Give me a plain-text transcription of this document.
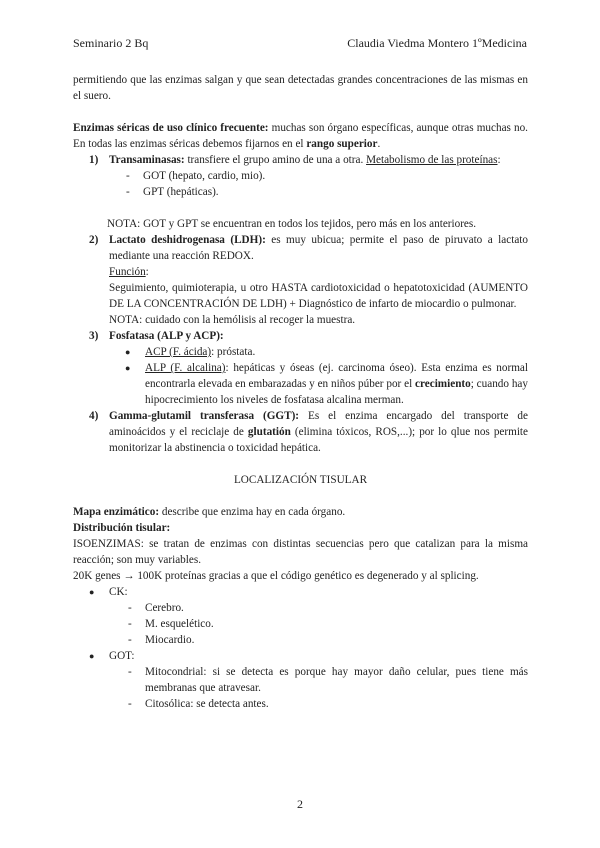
Seminario 2 Bq	Claudia Viedma Montero 1ºMedicina

permitiendo que las enzimas salgan y que sean detectadas grandes concentraciones de las mismas en el suero.

Enzimas séricas de uso clínico frecuente: muchas son órgano específicas, aunque otras muchas no. En todas las enzimas séricas debemos fijarnos en el rango superior.

1) Transaminasas: transfiere el grupo amino de una a otra. Metabolismo de las proteínas:

- GOT (hepato, cardio, mio).

- GPT (hepáticas).

NOTA: GOT y GPT se encuentran en todos los tejidos, pero más en los anteriores.

2) Lactato deshidrogenasa (LDH): es muy ubicua; permite el paso de piruvato a lactato mediante una reacción REDOX.

Función:

Seguimiento, quimioterapia, u otro HASTA cardiotoxicidad o hepatotoxicidad (AUMENTO DE LA CONCENTRACIÓN DE LDH) + Diagnóstico de infarto de miocardio o pulmonar.

NOTA: cuidado con la hemólisis al recoger la muestra.

3) Fosfatasa (ALP y ACP):

● ACP (F. ácida): próstata.

● ALP (F. alcalina): hepáticas y óseas (ej. carcinoma óseo). Esta enzima es normal encontrarla elevada en embarazadas y en niños púber por el crecimiento; cuando hay hipocrecimiento los niveles de fosfatasa alcalina merman.

4) Gamma-glutamil transferasa (GGT): Es el enzima encargado del transporte de aminoácidos y el reciclaje de glutatión (elimina tóxicos, ROS,...); por lo qlue nos permite monitorizar la abstinencia o toxicidad hepática.

LOCALIZACIÓN TISULAR

Mapa enzimático: describe que enzima hay en cada órgano.

Distribución tisular:

ISOENZIMAS: se tratan de enzimas con distintas secuencias pero que catalizan para la misma reacción; son muy variables.

20K genes → 100K proteínas gracias a que el código genético es degenerado y al splicing.

● CK:

- Cerebro.

- M. esquelético.

- Miocardio.

● GOT:

- Mitocondrial: si se detecta es porque hay mayor daño celular, pues tiene más membranas que atravesar.

- Citosólica: se detecta antes.

2
